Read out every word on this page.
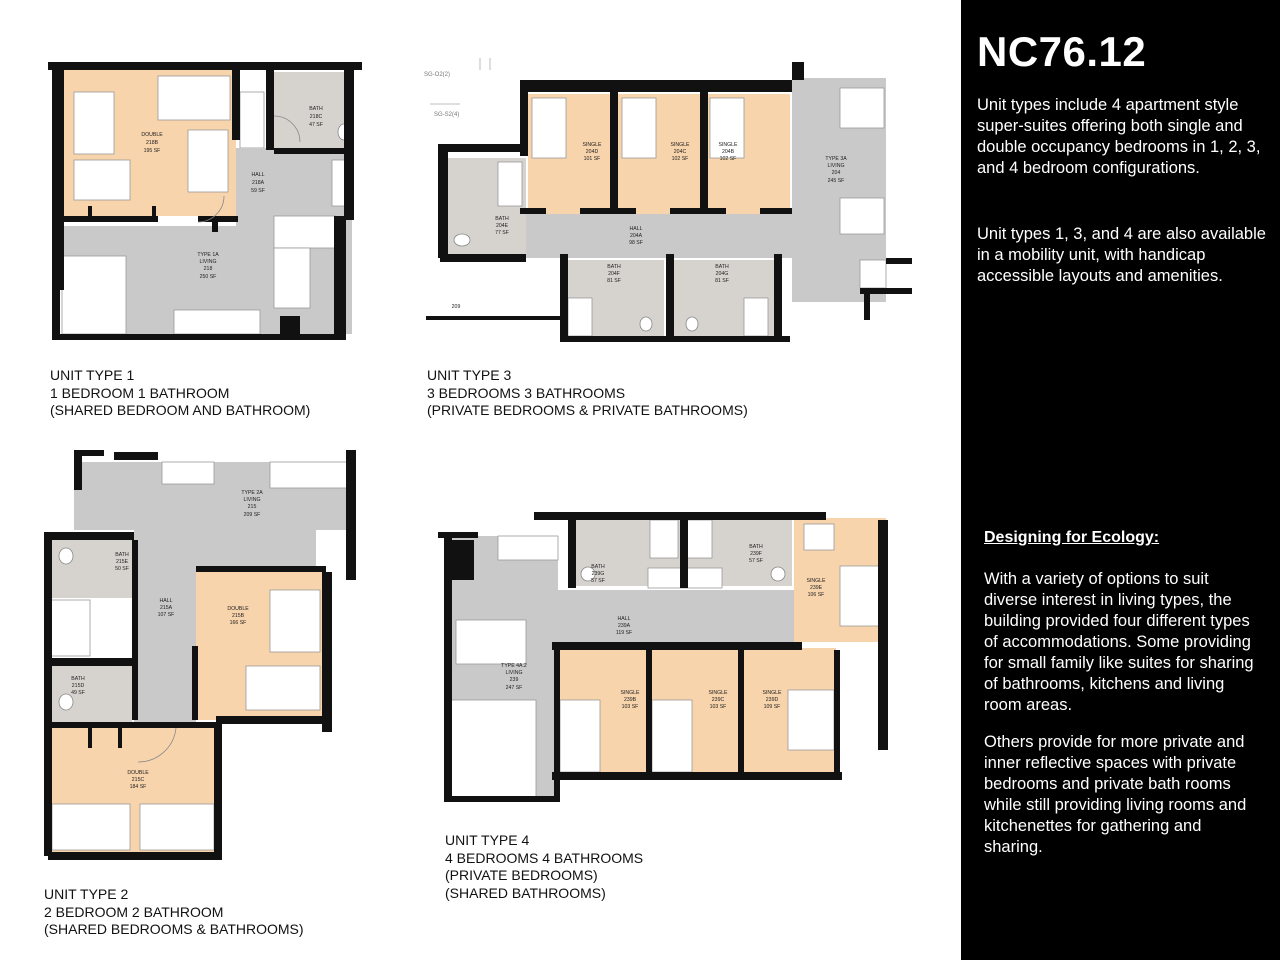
NC76.12
Unit types include 4 apartment style super-suites offering both single and double occupancy bedrooms in 1, 2, 3, and 4 bedroom configurations.
Unit types 1, 3, and 4 are also available in a mobility unit, with handicap accessible layouts and amenities.
Designing for Ecology:
With a variety of options to suit diverse interest in living types, the building provided four different types of accommodations. Some providing for small family like suites for sharing of bathrooms, kitchens and living room areas.
Others provide for more private and inner reflective spaces with private bedrooms and private bath rooms while still providing living rooms and kitchenettes for gathering and sharing.
DOUBLE
218B
195 SF
BATH
218C
47 SF
HALL
218A
59 SF
TYPE 1A
LIVING
218
250 SF
UNIT TYPE 1
1 BEDROOM 1 BATHROOM
(SHARED BEDROOM AND BATHROOM)
SG-O2(2)
SG-S2(4)
SINGLE
204D
101 SF
SINGLE
204C
102 SF
SINGLE
204B
102 SF	TYPE 3A
LIVING
204
245 SF
BATH
204E
77 SF
HALL
204A
98 SF
BATH
204F
81 SF
BATH
204G
81 SF
209
UNIT TYPE 3
3 BEDROOMS 3 BATHROOMS
(PRIVATE BEDROOMS & PRIVATE BATHROOMS)
TYPE 2A
LIVING
215
209 SF
BATH
215E
50 SF
HALL
215A
107 SF
DOUBLE
215B
166 SF
BATH
215D
49 SF
DOUBLE
215C
184 SF
UNIT TYPE 2
2 BEDROOM 2 BATHROOM
(SHARED BEDROOMS & BATHROOMS)
BATH
239G
57 SF
BATH
239F
57 SF
SINGLE
239E
106 SF
HALL
239A
119 SF
TYPE 4A.2
LIVING
239
247 SF
SINGLE
239B
103 SF
SINGLE
239C
103 SF
SINGLE
239D
109 SF
UNIT TYPE 4
4 BEDROOMS 4 BATHROOMS
(PRIVATE BEDROOMS)
(SHARED BATHROOMS)
